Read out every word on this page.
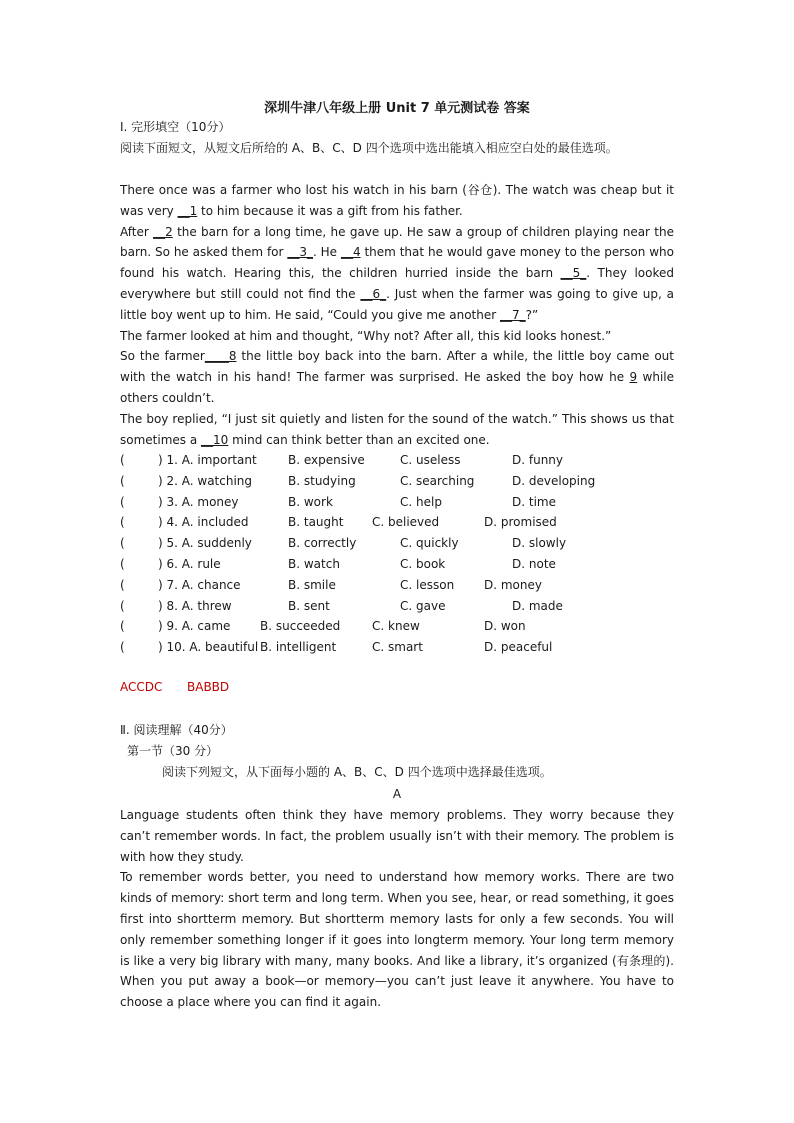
深圳牛津八年级上册 Unit 7 单元测试卷 答案
Ⅰ. 完形填空（10分）
阅读下面短文，从短文后所给的 A、B、C、D 四个选项中选出能填入相应空白处的最佳选项。
There once was a farmer who lost his watch in his barn (谷仓). The watch was cheap but it was very __1 to him because it was a gift from his father.
After __2 the barn for a long time, he gave up. He saw a group of children playing near the barn. So he asked them for __3_. He __4 them that he would gave money to the person who found his watch. Hearing this, the children hurried inside the barn __5_. They looked everywhere but still could not find the __6_. Just when the farmer was going to give up, a little boy went up to him. He said, “Could you give me another __7_?”
The farmer looked at him and thought, “Why not? After all, this kid looks honest.”
So the farmer____8 the little boy back into the barn. After a while, the little boy came out with the watch in his hand! The farmer was surprised. He asked the boy how he 9 while others couldn’t.
The boy replied, “I just sit quietly and listen for the sound of the watch.” This shows us that sometimes a __10 mind can think better than an excited one.
(	) 1. A. important	B. expensive	C. useless	D. funny
(	) 2. A. watching	B. studying	C. searching	D. developing
(	) 3. A. money	B. work	C. help	D. time
(	) 4. A. included	B. taught C. believed	D. promised
(	) 5. A. suddenly	B. correctly	C. quickly	D. slowly
(	) 6. A. rule	B. watch	C. book	D. note
(	) 7. A. chance	B. smile	C. lesson D. money
(	) 8. A. threw	B. sent	C. gave	D. made
(	) 9. A. came B. succeeded	C. knew	D. won
(	) 10. A. beautiful B. intelligent	C. smart	D. peaceful
ACCDC BABBD
Ⅱ. 阅读理解（40分）
第一节（30 分）
阅读下列短文，从下面每小题的 A、B、C、D 四个选项中选择最佳选项。
A
Language students often think they have memory problems. They worry because they can’t remember words. In fact, the problem usually isn’t with their memory. The problem is with how they study.
To remember words better, you need to understand how memory works. There are two kinds of memory: short term and long term. When you see, hear, or read something, it goes first into shortterm memory. But shortterm memory lasts for only a few seconds. You will only remember something longer if it goes into longterm memory. Your long term memory is like a very big library with many, many books. And like a library, it’s organized (有条理的). When you put away a book—or memory—you can’t just leave it anywhere. You have to choose a place where you can find it again.
